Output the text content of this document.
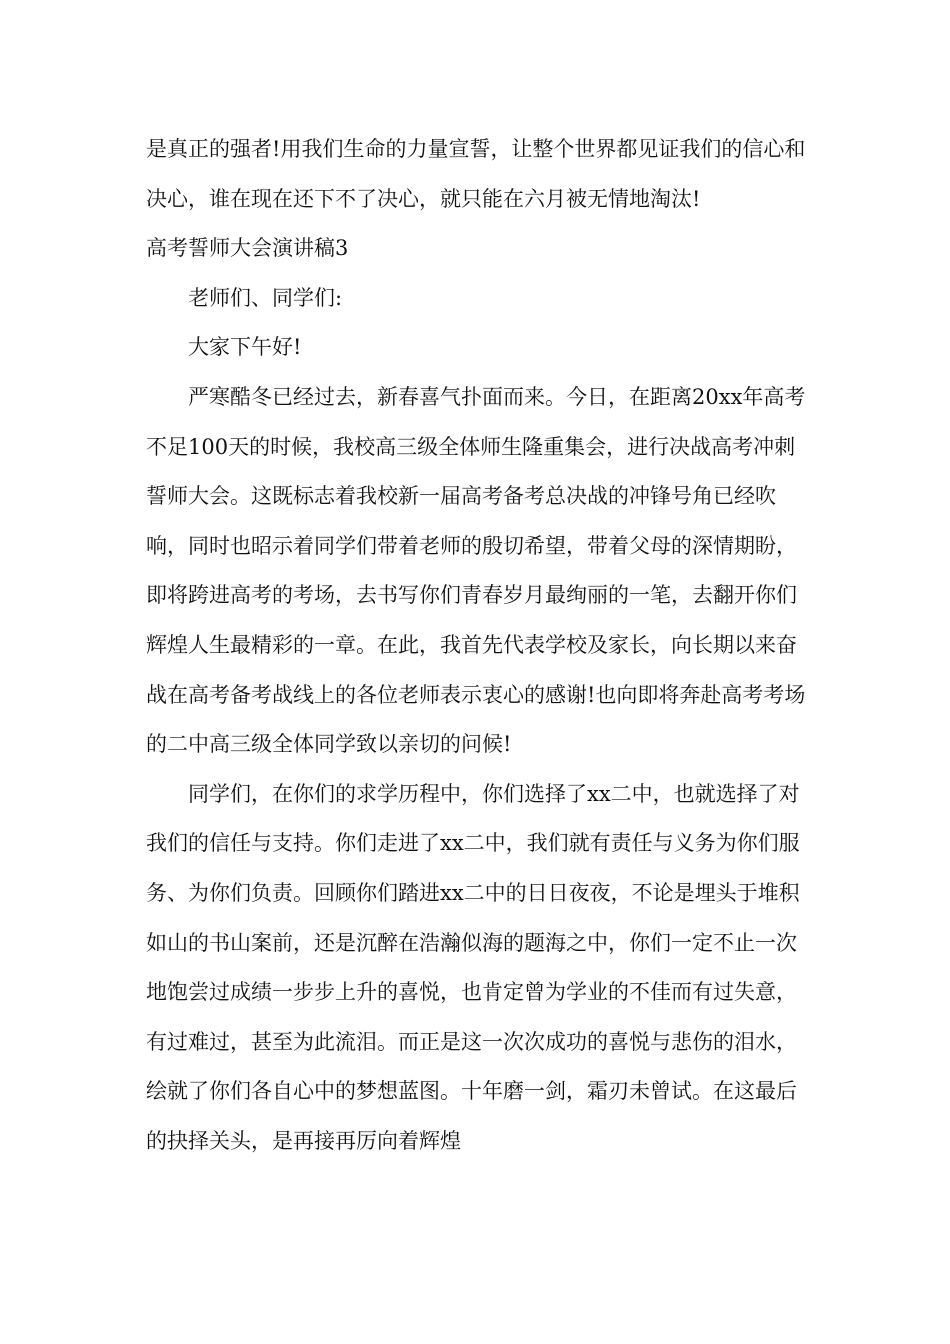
是真正的强者!用我们生命的力量宣誓，让整个世界都见证我们的信心和决心，谁在现在还下不了决心，就只能在六月被无情地淘汰!

高考誓师大会演讲稿3

老师们、同学们:

大家下午好!

严寒酷冬已经过去，新春喜气扑面而来。今日，在距离20xx年高考不足100天的时候，我校高三级全体师生隆重集会，进行决战高考冲刺誓师大会。这既标志着我校新一届高考备考总决战的冲锋号角已经吹响，同时也昭示着同学们带着老师的殷切希望，带着父母的深情期盼，即将跨进高考的考场，去书写你们青春岁月最绚丽的一笔，去翻开你们辉煌人生最精彩的一章。在此，我首先代表学校及家长，向长期以来奋战在高考备考战线上的各位老师表示衷心的感谢!也向即将奔赴高考考场的二中高三级全体同学致以亲切的问候!

同学们，在你们的求学历程中，你们选择了xx二中，也就选择了对我们的信任与支持。你们走进了xx二中，我们就有责任与义务为你们服务、为你们负责。回顾你们踏进xx二中的日日夜夜，不论是埋头于堆积如山的书山案前，还是沉醉在浩瀚似海的题海之中，你们一定不止一次地饱尝过成绩一步步上升的喜悦，也肯定曾为学业的不佳而有过失意，有过难过，甚至为此流泪。而正是这一次次成功的喜悦与悲伤的泪水，绘就了你们各自心中的梦想蓝图。十年磨一剑，霜刃未曾试。在这最后的抉择关头，是再接再厉向着辉煌
